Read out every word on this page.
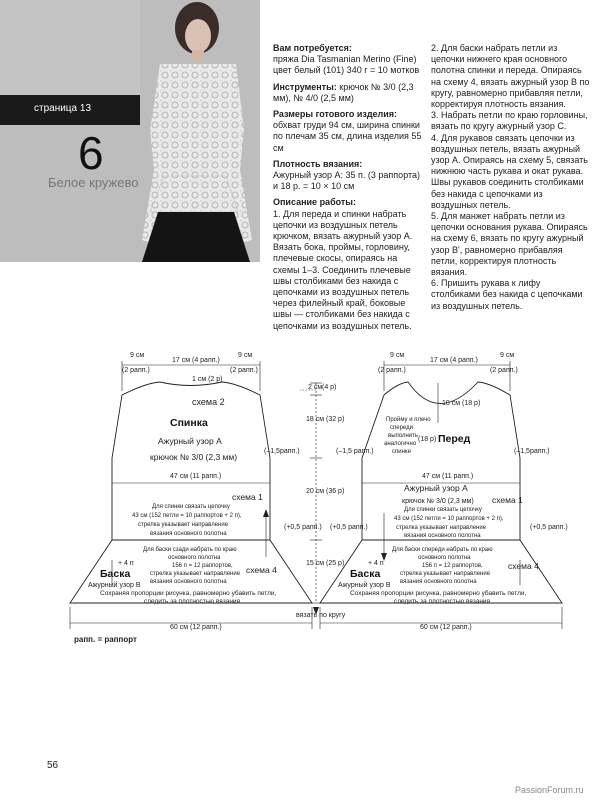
страница 13
6
Белое кружево

Вам потребуется:

пряжа Dia Tasmanian Merino (Fine) цвет белый (101) 340 г = 10 мотков

Инструменты: крючок № 3/0 (2,3 мм), № 4/0 (2,5 мм)

Размеры готового изделия: обхват груди 94 см, ширина спинки по плечам 35 см, длина изделия 55 см

Плотность вязания:

Ажурный узор А: 35 п. (3 раппорта)

и 18 р. = 10 × 10 см

Описание работы:

1. Для переда и спинки набрать цепочки из воздушных петель крючком, вязать ажурный узор А. Вязать бока, проймы, горловину, плечевые скосы, опираясь на схемы 1–3. Соединить плечевые швы столбиками без накида с цепочками из воздушных петель через филейный край, боковые швы — столбиками без накида с цепочками из воздушных петель.

2. Для баски набрать петли из цепочки нижнего края основного полотна спинки и переда. Опираясь на схему 4, вязать ажурный узор В по кругу, равномерно прибавляя петли, корректируя плотность вязания.

3. Набрать петли по краю горловины, вязать по кругу ажурный узор С.

4. Для рукавов связать цепочки из воздушных петель, вязать ажурный узор А. Опираясь на схему 5, связать нижнюю часть рукава и окат рукава. Швы рукавов соединить столбиками без накида с цепочками из воздушных петель.

5. Для манжет набрать петли из цепочки основания рукава. Опираясь на схему 6, вязать по кругу ажурный узор В', равномерно прибавляя петли, корректируя плотность вязания.

6. Пришить рукава к лифу столбиками без накида с цепочками из воздушных петель.

9 см
(2 рапп.)
17 см (4 рапп.)
9 см
(2 рапп.)
1 см (2 р)
схема 2
Спинка
Ажурный узор А
крючок № 3/0 (2,3 мм)
47 см (11 рапп.)
(–1,5рапп.)
схема 1
Для спинки связать цепочку
43 см (152 петли = 10 раппортов + 2 п),
стрелка указывает направление
вязания основного полотна
(+0,5 рапп.)
Для баски сзади набрать по краю
основного полотна
156 п = 12 раппортов,
стрелка указывает направление
вязания основного полотна
+ 4 п
Баска
Ажурный узор В
схема 4
Сохраняя пропорции рисунка, равномерно убавить петли,
следить за плотностью вязания
60 см (12 рапп.)
2 см (4 р)
18 см (32 р)
20 см (36 р)
15 см (25 р)
вязать по кругу
(–1,5 рапп.)
(+0,5 рапп.)
9 см
(2 рапп.)
17 см (4 рапп.)
9 см
(2 рапп.)
10 см (18 р)
Пройму и плечо
спереди
выполнить
аналогично
спинке
(18 р) Перед
(–1,5рапп.)
47 см (11 рапп.)
Ажурный узор А
крючок № 3/0 (2,3 мм) схема 1
Для спинки связать цепочку
43 см (152 петли = 10 раппортов + 2 п),
стрелка указывает направление
вязания основного полотна
(+0,5 рапп.)
Для баски спереди набрать по краю
основного полотна
156 п = 12 раппортов,
стрелка указывает направление
вязания основного полотна
+ 4 п
Баска
Ажурный узор В
схема 4
Сохраняя пропорции рисунка, равномерно убавить петли,
следить за плотностью вязания
60 см (12 рапп.)
рапп. = раппорт
56
PassionForum.ru
